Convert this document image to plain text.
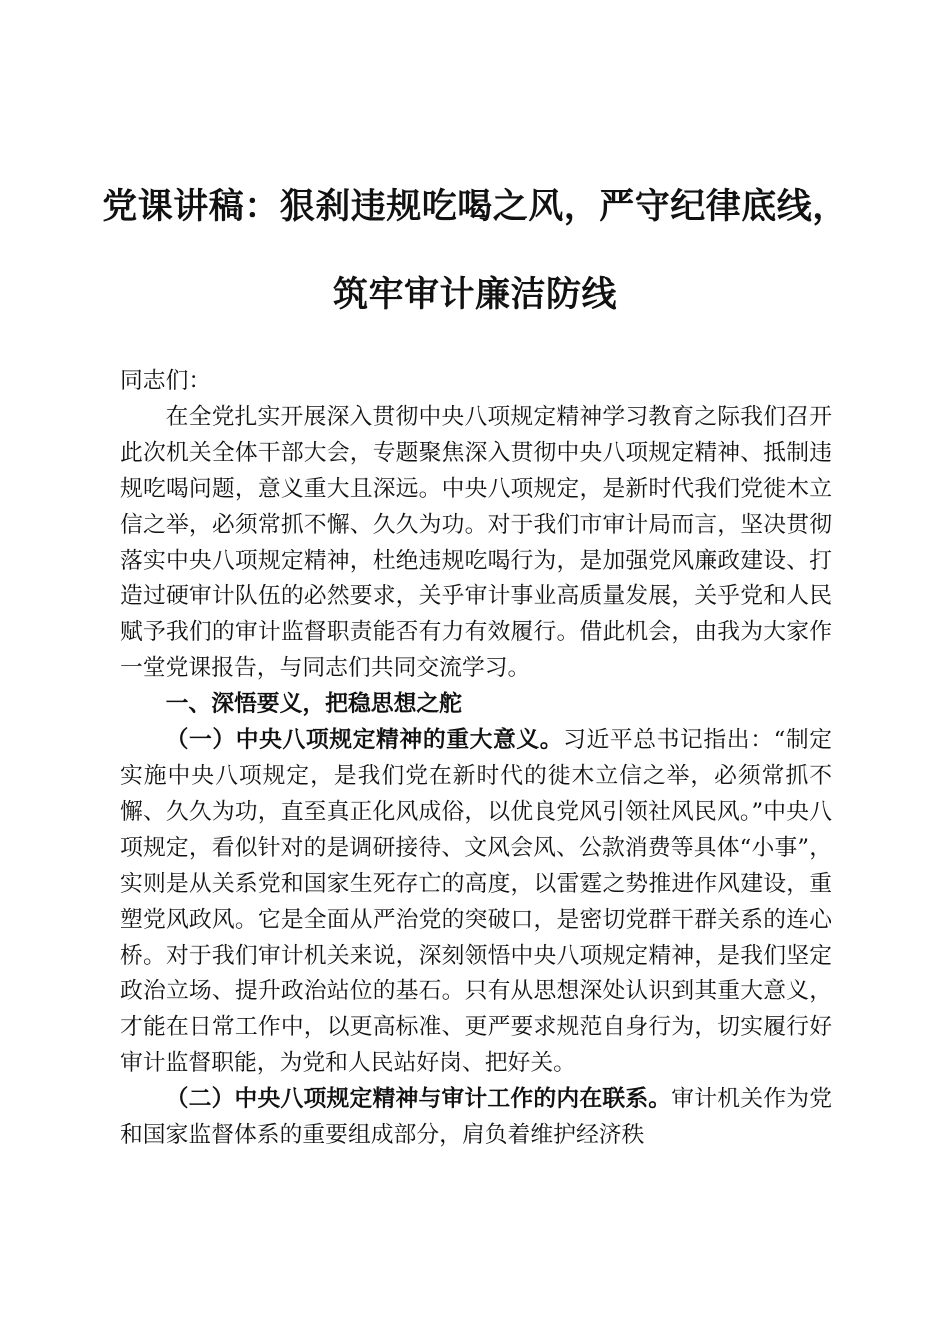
党课讲稿：狠刹违规吃喝之风，严守纪律底线，
筑牢审计廉洁防线

同志们：

在全党扎实开展深入贯彻中央八项规定精神学习教育之际我们召开此次机关全体干部大会，专题聚焦深入贯彻中央八项规定精神、抵制违规吃喝问题，意义重大且深远。中央八项规定，是新时代我们党徙木立信之举，必须常抓不懈、久久为功。对于我们市审计局而言，坚决贯彻落实中央八项规定精神，杜绝违规吃喝行为，是加强党风廉政建设、打造过硬审计队伍的必然要求，关乎审计事业高质量发展，关乎党和人民赋予我们的审计监督职责能否有力有效履行。借此机会，由我为大家作一堂党课报告，与同志们共同交流学习。

一、深悟要义，把稳思想之舵

（一）中央八项规定精神的重大意义。习近平总书记指出：“制定实施中央八项规定，是我们党在新时代的徙木立信之举，必须常抓不懈、久久为功，直至真正化风成俗，以优良党风引领社风民风。”中央八项规定，看似针对的是调研接待、文风会风、公款消费等具体“小事”，实则是从关系党和国家生死存亡的高度，以雷霆之势推进作风建设，重塑党风政风。它是全面从严治党的突破口，是密切党群干群关系的连心桥。对于我们审计机关来说，深刻领悟中央八项规定精神，是我们坚定政治立场、提升政治站位的基石。只有从思想深处认识到其重大意义，才能在日常工作中，以更高标准、更严要求规范自身行为，切实履行好审计监督职能，为党和人民站好岗、把好关。

（二）中央八项规定精神与审计工作的内在联系。审计机关作为党和国家监督体系的重要组成部分，肩负着维护经济秩
